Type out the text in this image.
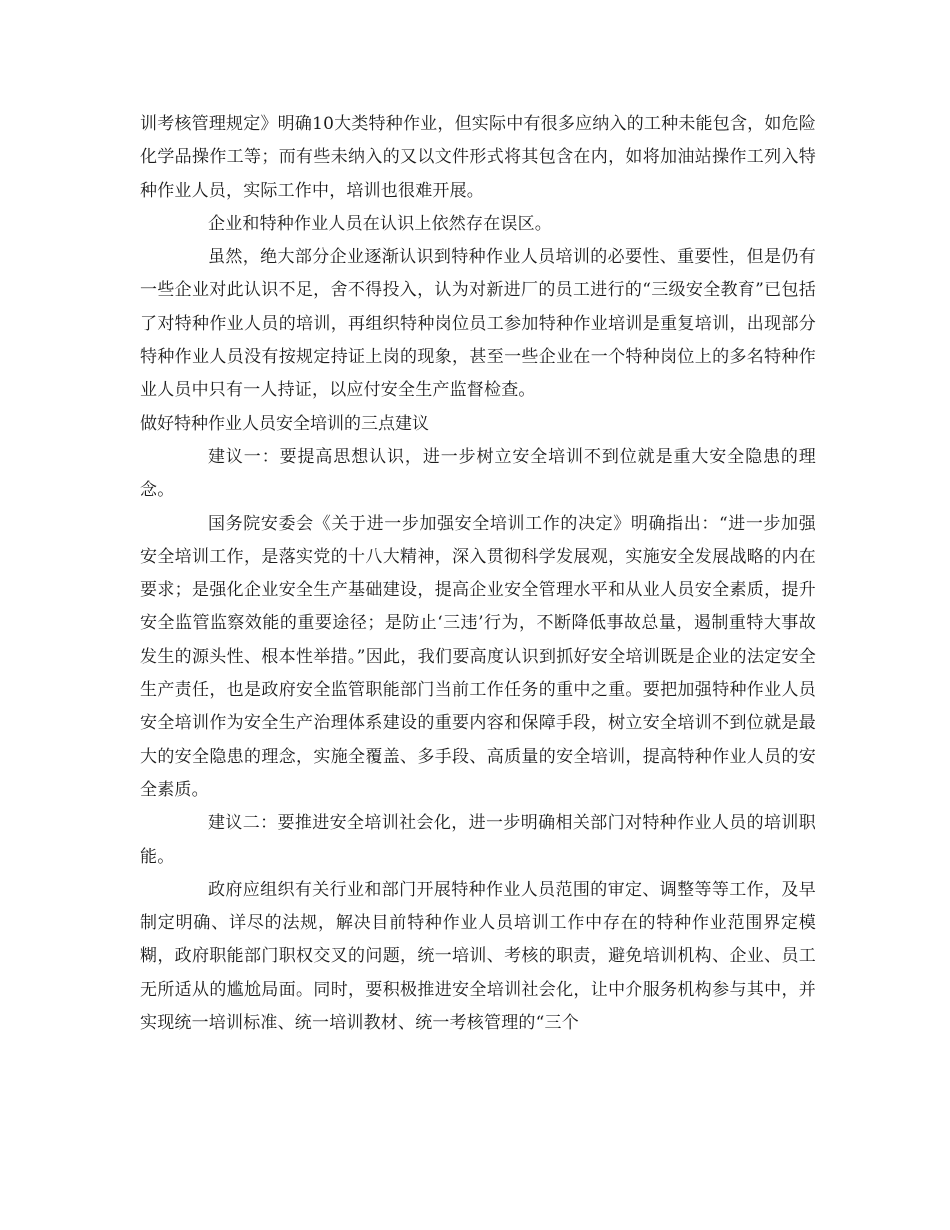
训考核管理规定》明确10大类特种作业，但实际中有很多应纳入的工种未能包含，如危险化学品操作工等；而有些未纳入的又以文件形式将其包含在内，如将加油站操作工列入特种作业人员，实际工作中，培训也很难开展。

企业和特种作业人员在认识上依然存在误区。

虽然，绝大部分企业逐渐认识到特种作业人员培训的必要性、重要性，但是仍有一些企业对此认识不足，舍不得投入，认为对新进厂的员工进行的“三级安全教育”已包括了对特种作业人员的培训，再组织特种岗位员工参加特种作业培训是重复培训，出现部分特种作业人员没有按规定持证上岗的现象，甚至一些企业在一个特种岗位上的多名特种作业人员中只有一人持证，以应付安全生产监督检查。

做好特种作业人员安全培训的三点建议

建议一：要提高思想认识，进一步树立安全培训不到位就是重大安全隐患的理念。

国务院安委会《关于进一步加强安全培训工作的决定》明确指出：“进一步加强安全培训工作，是落实党的十八大精神，深入贯彻科学发展观，实施安全发展战略的内在要求；是强化企业安全生产基础建设，提高企业安全管理水平和从业人员安全素质，提升安全监管监察效能的重要途径；是防止‘三违’行为，不断降低事故总量，遏制重特大事故发生的源头性、根本性举措。”因此，我们要高度认识到抓好安全培训既是企业的法定安全生产责任，也是政府安全监管职能部门当前工作任务的重中之重。要把加强特种作业人员安全培训作为安全生产治理体系建设的重要内容和保障手段，树立安全培训不到位就是最大的安全隐患的理念，实施全覆盖、多手段、高质量的安全培训，提高特种作业人员的安全素质。

建议二：要推进安全培训社会化，进一步明确相关部门对特种作业人员的培训职能。

政府应组织有关行业和部门开展特种作业人员范围的审定、调整等等工作，及早制定明确、详尽的法规，解决目前特种作业人员培训工作中存在的特种作业范围界定模糊，政府职能部门职权交叉的问题，统一培训、考核的职责，避免培训机构、企业、员工无所适从的尴尬局面。同时，要积极推进安全培训社会化，让中介服务机构参与其中，并实现统一培训标准、统一培训教材、统一考核管理的“三个
